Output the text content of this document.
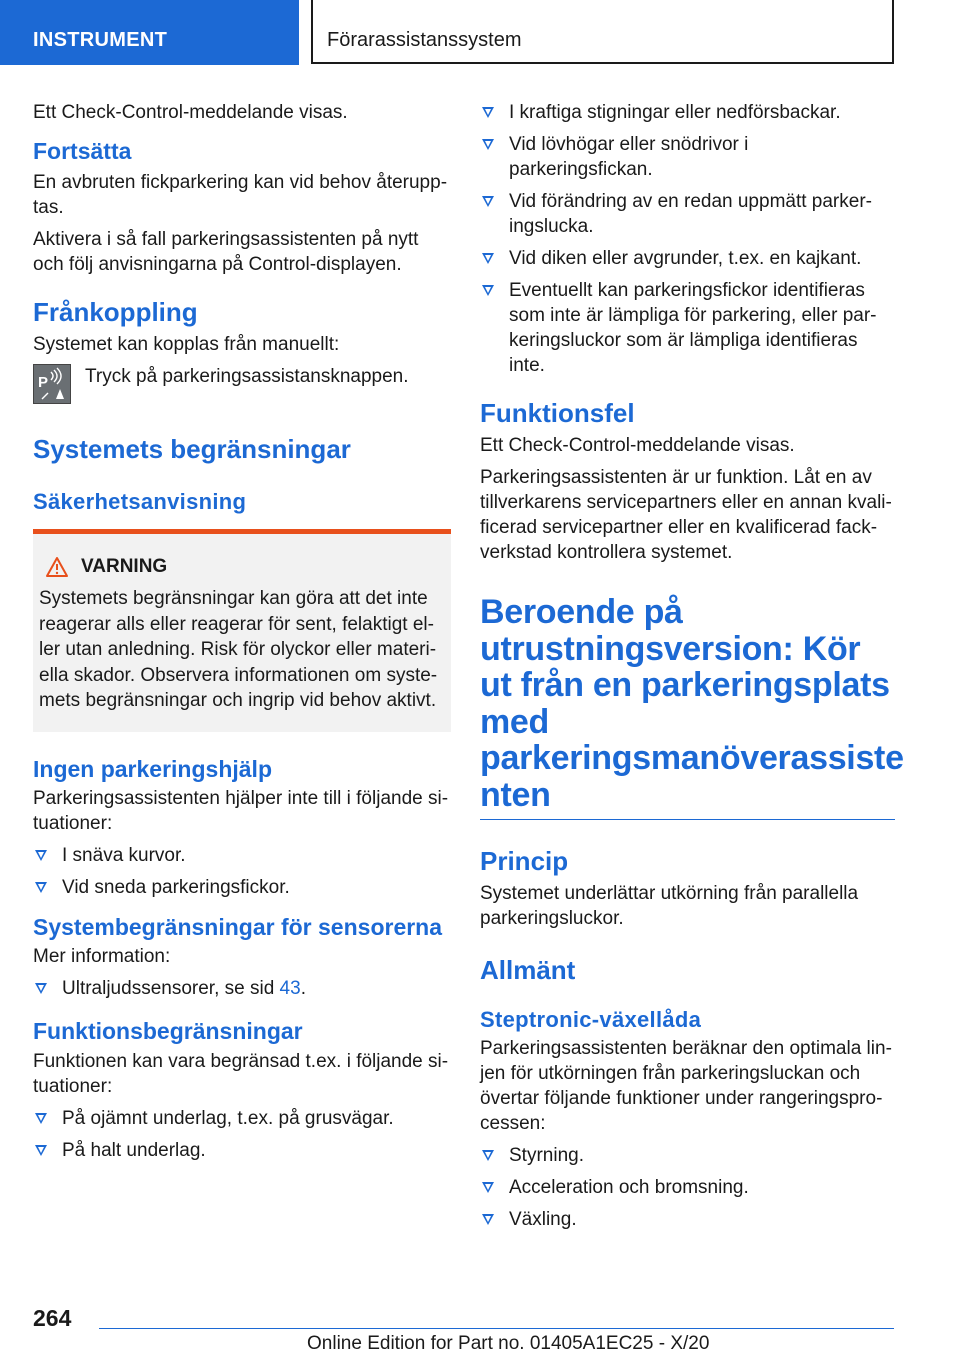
INSTRUMENT	Förarassistanssystem

Ett Check-Control-meddelande visas.

Fortsätta

En avbruten fickparkering kan vid behov återupptas.

Aktivera i så fall parkeringsassistenten på nytt och följ anvisningarna på Control-displayen.

Frånkoppling

Systemet kan kopplas från manuellt:

P Tryck på parkeringsassistansknappen.

Systemets begränsningar
Säkerhetsanvisning
VARNING

Systemets begränsningar kan göra att det inte reagerar alls eller reagerar för sent, felaktigt eller utan anledning. Risk för olyckor eller materiella skador. Observera informationen om systemets begränsningar och ingrip vid behov aktivt.

Ingen parkeringshjälp

Parkeringsassistenten hjälper inte till i följande situationer:

I snäva kurvor.
Vid sneda parkeringsfickor.
Systembegränsningar för sensorerna

Mer information:

Ultraljudssensorer, se sid 43.
Funktionsbegränsningar

Funktionen kan vara begränsad t.ex. i följande situationer:

På ojämnt underlag, t.ex. på grusvägar.
På halt underlag.
I kraftiga stigningar eller nedförsbackar.
Vid lövhögar eller snödrivor i parkeringsfickan.
Vid förändring av en redan uppmätt parkeringslucka.
Vid diken eller avgrunder, t.ex. en kajkant.
Eventuellt kan parkeringsfickor identifieras som inte är lämpliga för parkering, eller parkeringsluckor som är lämpliga identifieras inte.
Funktionsfel

Ett Check-Control-meddelande visas.

Parkeringsassistenten är ur funktion. Låt en av tillverkarens servicepartners eller en annan kvalificerad servicepartner eller en kvalificerad fackverkstad kontrollera systemet.

Beroende på utrustningsversion: Kör ut från en parkeringsplats med parkeringsmanöverassiste nten
Princip

Systemet underlättar utkörning från parallella parkeringsluckor.

Allmänt
Steptronic-växellåda

Parkeringsassistenten beräknar den optimala linjen för utkörningen från parkeringsluckan och övertar följande funktioner under rangeringsprocessen:

Styrning.
Acceleration och bromsning.
Växling.
264
Online Edition for Part no. 01405A1EC25 - X/20
